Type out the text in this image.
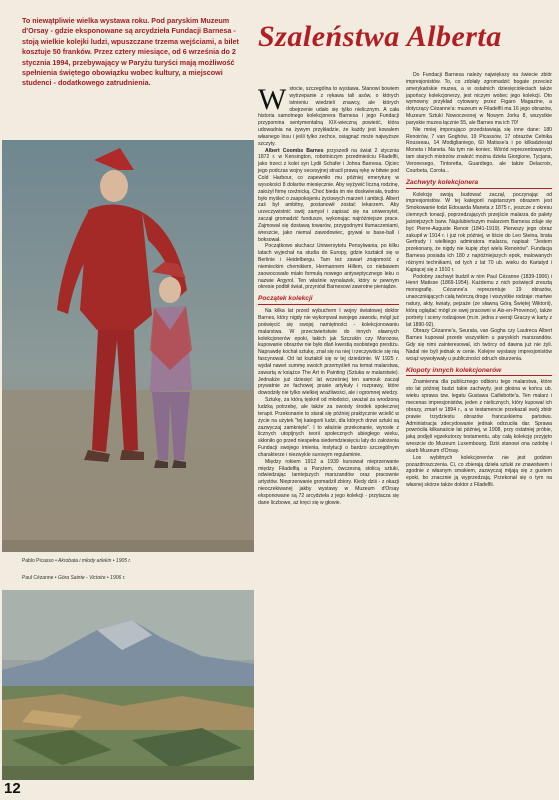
To niewątpliwie wielka wystawa roku. Pod paryskim Muzeum d'Orsay - gdzie eksponowane są arcydzieła Fundacji Barnesa - stoją wielkie kolejki ludzi, wpuszczane trzema wejściami, a bilet kosztuje 50 franków. Przez cztery miesiące, od 6 września do 2 stycznia 1994, przebywający w Paryżu turyści mają możliwość spełnienia świętego obowiązku wobec kultury, a miejscowi studenci - dodatkowego zatrudnienia.

Pablo Picasso • Akrobata i młody arlekin • 1905 r.

Paul Cézanne • Góra Sainte - Victoire • 1906 r.

12
Szaleństwa Alberta

Wstocie, szczególna to wystawa. Stanowi bowiem wytrzepanie z rękawa tali asów, o których istnieniu wiedzieli znawcy, ale których obejrzenie udało się tylko nielicznym. A cała historia samotnego kolekcjonera Barnesa i jego Fundacji przypomina sentymentalną XIX-wieczną powieść, która udowadnia na żywym przykładzie, że każdy jest kowalem własnego losu i jeśli tylko zechce, osiągnąć może najwyższe szczyty.

Albert Coombs Barnes przyszedł na świat 2 stycznia 1872 r. w Kensington, robotniczym przedmieściu Filadelfii, jako trzeci z kolei syn Lydii Schafer i Johna Barnesa. Ojciec jego podczas wojny secesyjnej stracił prawą rękę w bitwie pod Cold Harbour, co zapewniło mu później emeryturę w wysokości 8 dolarów miesięcznie. Aby wyżywić liczną rodzinę, założył firmę rzeźnicką. Choć bieda im nie doskwierała, trudno było myśleć o zaspokojeniu życiowych marzeń i ambicji. Albert zaś był ambitny, postanowił zostać lekarzem. Aby urzeczywistnić swój zamysł i zapisać się na uniwersytet, zaczął gromadzić fundusze, wykonując najróżniejsze prace. Zajmował się dostawą towarów, przygodnymi tłumaczeniami, wreszcie, jako niemal zawodowiec, grywał w base-ball i boksował.

Początkowo słuchacz Uniwersytetu Pensylwania, po kilku latach wyjechał na studia do Europy, gdzie kształcił się w Berlinie i Heidelbergu. Tam też zawarł znajomość z niemieckim chemikiem, Hermannem Hillem, co niebawem zaowocowało miało formułą nowego antyseptycznego leku o nazwie Argyrol. Ten właśnie wynalazek, który w pewnym okresie podbił świat, przyniósł Barnesowi zawrotne pieniądze.

Początek kolekcji

Na kilka lat przed wybuchem I wojny światowej doktor Barnes, który nigdy nie wykonywał swojego zawodu, mógł już poświęcić się swojej namiętności - kolekcjonowaniu malarstwa. W przeciwieństwie do innych sławnych kolekcjonerów epoki, takich jak Szczukin czy Morozow, kupowanie obrazów nie było dlań kwestią osobistego prestiżu. Naprawdę kochał sztukę, znał się na niej i rzeczywiście się nią fascynował. Od lat kształcił się w tej dziedzinie. W 1925 r. wydał nawet summę swoich przemyśleń na temat malarstwa, zawartą w książce The Art in Painting (Sztuka w malarstwie). Jednakże już dziesięć lat wcześniej ten samouk zaczął prywatnie ze fachowej prasie artykuły i rozprawy, które dowodziły nie tylko wielkiej wrażliwości, ale i ogromnej wiedzy.

Sztukę, za którą tęsknił od młodości, uważał za wrodzoną ludzką potrzebę, ale także za swoisty środek społecznej terapii. Przekonanie to starał się później praktycznie wcielić w życie na użytek "tej kategorii ludzi, dla których drzwi sztuki są zazwyczaj zamknięte". I to właśnie przekonanie, wyrosłe z licznych utopijnych teorii społecznych ubiegłego wieku, skłoniło go przed niespełna siedemdziesięciu laty do założenia Fundacji swojego imienia, instytucji o bardzo szczególnym charakterze i niezwykle surowym regulaminie.

Między rokiem 1912 a 1939 kursował nieprzerwanie między Filadelfią a Paryżem, ówczesną stolicą sztuki, odwiedzając tamtejszych marszandów oraz pracownie artystów. Nieprzerwanie gromadził zbiory. Kiedy dziś - z okazji nieoczekiwanej jakby wystawy w Muzeum d'Orsay eksponowane są 72 arcydzieła z jego kolekcji - przytacza się dane liczbowe, aż kręci się w głowie.

Do Fundacji Barnesa należy największy na świecie zbiór impresjonistów. To, co zdołały zgromadzić bogate przecież amerykańskie muzea, a w ostatnich dziesięcioleciach także japońscy kolekcjonerzy, jest niczym wobec jego kolekcji. Oto wymowny przykład cytowany przez Figaro Magazine, a dotyczący Cézanne'a: muzeum w Filadelfii ma 16 jego obrazów, Muzeum Sztuki Nowoczesnej w Nowym Jorku 8, wszystkie paryskie muzea łącznie 55, ale Barnes ma ich 70!

Nie mniej imponująco przedstawiają się inne dane: 180 Renoirów, 7 van Goghów, 19 Picassów, 17 obrazów Celnika Rousseau, 14 Modiglianiego, 60 Matisse'a i po kilkadziesiąt Moneta i Maneta. Na tym nie koniec. Wśród reprezentowanych tam starych mistrzów znaleźć można dzieła Giorgione, Tycjana, Veronesego, Tintoretta, Guardiego, ale także Delacroix, Courbeta, Corota...

Zachwyty kolekcjonera

Kolekcję swoją budować zaczął, poczynając od impresjonistów. W tej kategorii najstarszym obrazem jest Smokowanie łodzi Edouarda Maneta z 1875 r., jeszcze z okresu ciemnych tonacji, poprzedzających przejście malarza do palety jaśniejszych barw. Najulubieńszym malarzem Barnesa zdaje się być Pierre-Auguste Renoir (1841-1919). Pierwszy jego obraz zakupił w 1914 r. i już rok później, w liście do Leo Steina, brata Gertrudy i wielkiego admiratora malarza, napisał: "Jestem przekonany, że nigdy nie kupię zbyt wielu Renoirów". Fundacja Barnesa posiada ich 180 z najróżniejszych epok, malowanych różnymi technikami, od tych z lat 70 ub. wieku do Kariatyd i Kąpiącej się z 1910 r.

Podobny zachwyt budził w nim Paul Cézanne (1839-1906) i Henri Matisse (1869-1954). Każdemu z nich poświęcił zresztą monografię. Cézanne'a reprezentuje 19 obrazów, unaoczniających całą twórczą drogę i wszystkie rodzaje: martwe natury, akty, kwiaty, pejzaże (ze sławną Górą Świętej Wiktorii), którą oglądać mógł ze swej pracowni w Aix-en-Provence), także portrety i sceny rodzajowe (m.in. jedna z wersji Graczy w karty z lat 1890-92).

Obrazy Cézanne'a, Seurata, van Gogha czy Lautreca Albert Barnes kupował przede wszystkim u paryskich marszandów. Gdy się nimi zainteresował, ich twórcy od dawna już nie żyli. Nadal nie byli jednak w cenie. Kolejne wystawy impresjonistów wciąż wywoływały u publiczności odruch oburzenia.

Kłopoty innych kolekcjonerów

Znamienna dla publicznego odbioru tego malarstwa, które sto lat później budzi takie zachwyty, jest głośna w końcu ub. wieku sprawa tzw. legatu Gustawa Caillebotte'a. Ten malarz i mecenas impresjonistów, jeden z nielicznych, który kupował ich obrazy, zmarł w 1894 r., a w testamencie przekazał swój zbiór prawie trzydziestu obrazów francuskiemu państwu. Administracja zdecydowanie jednak odrzuciła dar. Sprawa powróciła kilkanaście lat później, w 1908, przy ostatniej próbie, jaką podjęli egzekutorzy testamentu, aby całą kolekcję przyjęto wreszcie do Muzeum Luxembourg. Dziś stanowi ona ozdobę i skarb Muzeum d'Orsay.

Los wybitnych kolekcjonerów nie jest godzien pozazdroszczenia. Ci, co zbierają dzieła sztuki ze znawstwem i zgodnie z własnym smakiem, zazwyczaj mijają się z gustem epoki, bo znacznie ją wyprzedzają. Przekonał się o tym na własnej skórze także doktor z Filadelfii.
